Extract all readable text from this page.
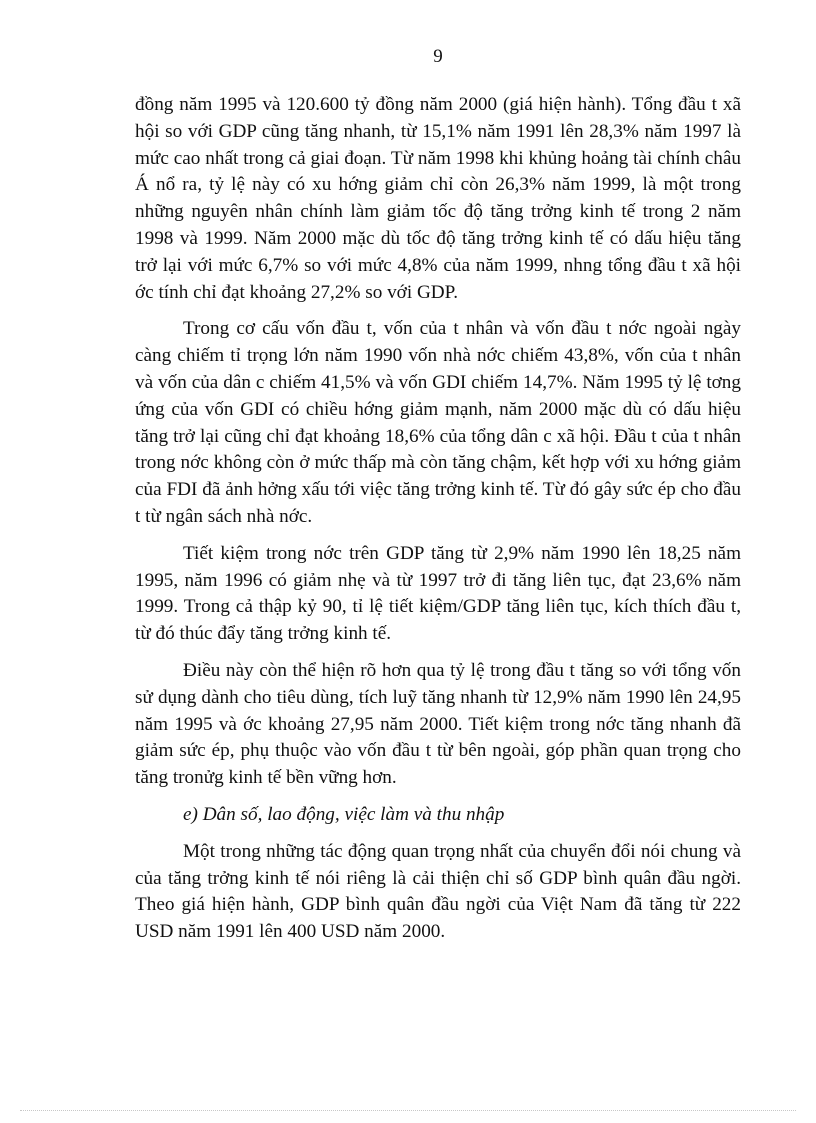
9

đồng năm 1995 và 120.600 tỷ đồng năm 2000 (giá hiện hành). Tổng đầu t xã hội so với GDP cũng tăng nhanh, từ 15,1% năm 1991 lên 28,3% năm 1997 là mức cao nhất trong cả giai đoạn. Từ năm 1998 khi khủng hoảng tài chính châu Á nổ ra, tỷ lệ này có xu hớng giảm chỉ còn 26,3% năm 1999, là một trong những nguyên nhân chính làm giảm tốc độ tăng trởng kinh tế trong 2 năm 1998 và 1999. Năm 2000 mặc dù tốc độ tăng trởng kinh tế có dấu hiệu tăng trở lại với mức 6,7% so với mức 4,8% của năm 1999, nhng tổng đầu t xã hội ớc tính chỉ đạt khoảng 27,2% so với GDP.

Trong cơ cấu vốn đầu t, vốn của t nhân và vốn đầu t nớc ngoài ngày càng chiếm tỉ trọng lớn năm 1990 vốn nhà nớc chiếm 43,8%, vốn của t nhân và vốn của dân c chiếm 41,5% và vốn GDI chiếm 14,7%. Năm 1995 tỷ lệ tơng ứng của vốn GDI có chiều hớng giảm mạnh, năm 2000 mặc dù có dấu hiệu tăng trở lại cũng chỉ đạt khoảng 18,6% của tổng dân c xã hội. Đầu t của t nhân trong nớc không còn ở mức thấp mà còn tăng chậm, kết hợp với xu hớng giảm của FDI đã ảnh hởng xấu tới việc tăng trởng kinh tế. Từ đó gây sức ép cho đầu t từ ngân sách nhà nớc.

Tiết kiệm trong nớc trên GDP tăng từ 2,9% năm 1990 lên 18,25 năm 1995, năm 1996 có giảm nhẹ và từ 1997 trở đi tăng liên tục, đạt 23,6% năm 1999. Trong cả thập kỷ 90, tỉ lệ tiết kiệm/GDP tăng liên tục, kích thích đầu t, từ đó thúc đẩy tăng trởng kinh tế.

Điều này còn thể hiện rõ hơn qua tỷ lệ trong đầu t tăng so với tổng vốn sử dụng dành cho tiêu dùng, tích luỹ tăng nhanh từ 12,9% năm 1990 lên 24,95 năm 1995 và ớc khoảng 27,95 năm 2000. Tiết kiệm trong nớc tăng nhanh đã giảm sức ép, phụ thuộc vào vốn đầu t từ bên ngoài, góp phần quan trọng cho tăng tronửg kinh tế bền vững hơn.

e) Dân số, lao động, việc làm và thu nhập

Một trong những tác động quan trọng nhất của chuyển đổi nói chung và của tăng trởng kinh tế nói riêng là cải thiện chỉ số GDP bình quân đầu ngời. Theo giá hiện hành, GDP bình quân đầu ngời của Việt Nam đã tăng từ 222 USD năm 1991 lên 400 USD năm 2000.
